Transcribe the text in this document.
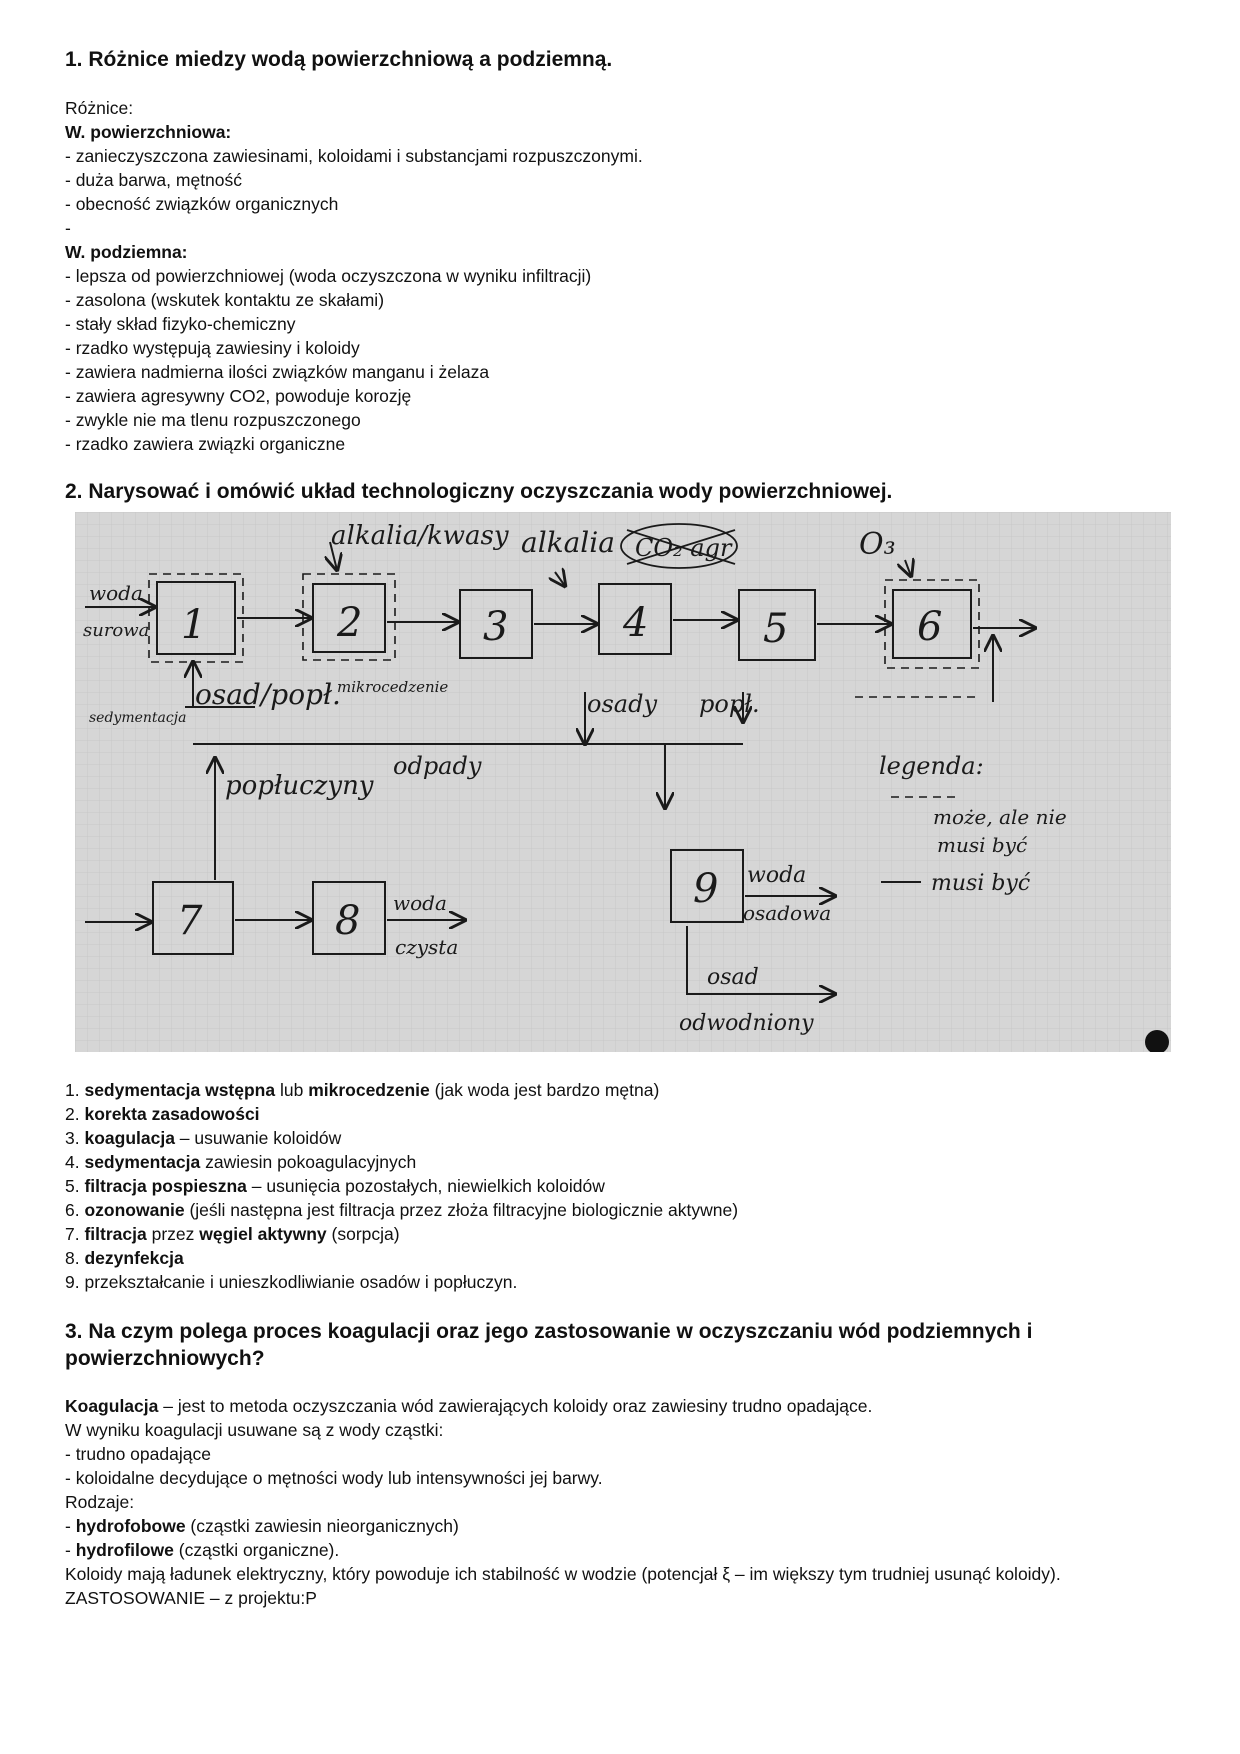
1. Różnice miedzy wodą powierzchniową a podziemną.
Różnice:
W. powierzchniowa:
- zanieczyszczona zawiesinami, koloidami i substancjami rozpuszczonymi.
- duża barwa, mętność
- obecność związków organicznych
-
W. podziemna:
- lepsza od powierzchniowej (woda oczyszczona w wyniku infiltracji)
- zasolona (wskutek kontaktu ze skałami)
- stały skład fizyko-chemiczny
- rzadko występują zawiesiny i koloidy
- zawiera nadmierna ilości związków manganu i żelaza
- zawiera agresywny CO2, powoduje korozję
- zwykle nie ma tlenu rozpuszczonego
- rzadko zawiera związki organiczne
2. Narysować i omówić układ technologiczny oczyszczania wody powierzchniowej.
woda
surowa
alkalia/kwasy alkalia CO₂ agr	O₃
1	2	3	4	5	6
7	8
9
osad/popł.
mikrocedzenie
sedymentacja	osady popł.
odpady
popłuczyny
woda
czysta
woda
osadowa
osad
odwodniony
legenda:
może, ale nie
musi być
musi być
1. sedymentacja wstępna lub mikrocedzenie (jak woda jest bardzo mętna)
2. korekta zasadowości
3. koagulacja – usuwanie koloidów
4. sedymentacja zawiesin pokoagulacyjnych
5. filtracja pospieszna – usunięcia pozostałych, niewielkich koloidów
6. ozonowanie (jeśli następna jest filtracja przez złoża filtracyjne biologicznie aktywne)
7. filtracja przez węgiel aktywny (sorpcja)
8. dezynfekcja
9. przekształcanie i unieszkodliwianie osadów i popłuczyn.
3. Na czym polega proces koagulacji oraz jego zastosowanie w oczyszczaniu wód podziemnych i powierzchniowych?
Koagulacja – jest to metoda oczyszczania wód zawierających koloidy oraz zawiesiny trudno opadające.
W wyniku koagulacji usuwane są z wody cząstki:
- trudno opadające
- koloidalne decydujące o mętności wody lub intensywności jej barwy.
Rodzaje:
- hydrofobowe (cząstki zawiesin nieorganicznych)
- hydrofilowe (cząstki organiczne).
Koloidy mają ładunek elektryczny, który powoduje ich stabilność w wodzie (potencjał ξ – im większy tym trudniej usunąć koloidy).
ZASTOSOWANIE – z projektu:P
